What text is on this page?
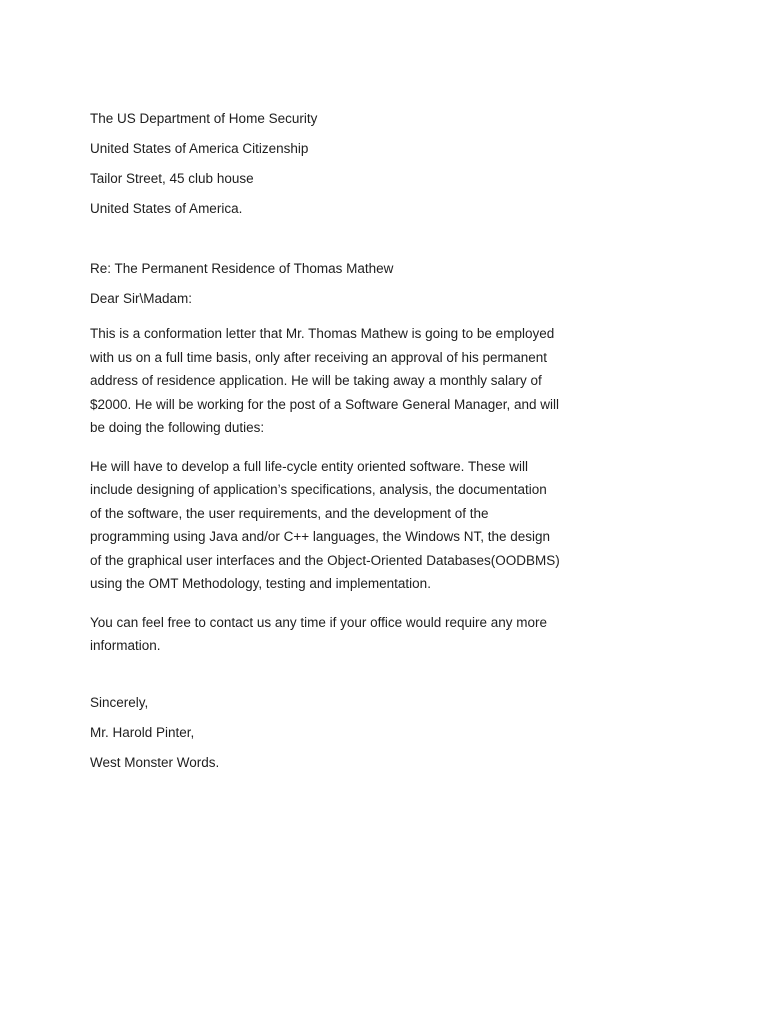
The US Department of Home Security
United States of America Citizenship
Tailor Street, 45 club house
United States of America.
Re: The Permanent Residence of Thomas Mathew
Dear Sir\Madam:

This is a conformation letter that Mr. Thomas Mathew is going to be employed with us on a full time basis, only after receiving an approval of his permanent address of residence application. He will be taking away a monthly salary of $2000. He will be working for the post of a Software General Manager, and will be doing the following duties:

He will have to develop a full life-cycle entity oriented software. These will include designing of application’s specifications, analysis, the documentation of the software, the user requirements, and the development of the programming using Java and/or C++ languages, the Windows NT, the design of the graphical user interfaces and the Object-Oriented Databases(OODBMS) using the OMT Methodology, testing and implementation.

You can feel free to contact us any time if your office would require any more information.

Sincerely,
Mr. Harold Pinter,
West Monster Words.
